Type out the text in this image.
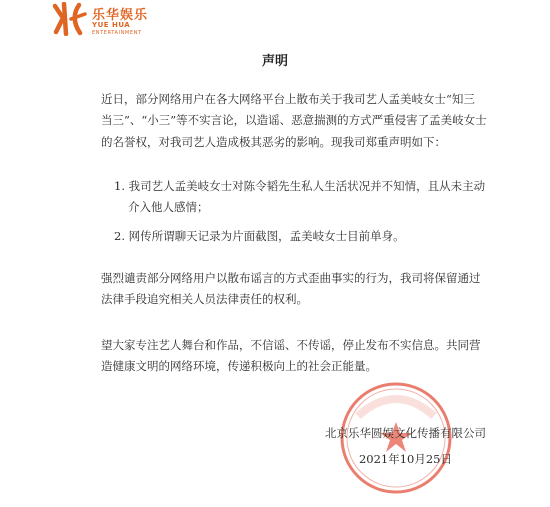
乐华娱乐
YUE HUA
ENTERTAINMENT
声明
近日，部分网络用户在各大网络平台上散布关于我司艺人孟美岐女士“知三
当三”、“小三”等不实言论，以造谣、恶意揣测的方式严重侵害了孟美岐女士
的名誉权，对我司艺人造成极其恶劣的影响。现我司郑重声明如下：
1. 我司艺人孟美岐女士对陈令韬先生私人生活状况并不知情，且从未主动
介入他人感情；
2. 网传所谓聊天记录为片面截图，孟美岐女士目前单身。
强烈谴责部分网络用户以散布谣言的方式歪曲事实的行为，我司将保留通过
法律手段追究相关人员法律责任的权利。
望大家专注艺人舞台和作品，不信谣、不传谣，停止发布不实信息。共同营
造健康文明的网络环境，传递积极向上的社会正能量。
北京乐华圆娱文化传播有限公司
2021年10月25日
